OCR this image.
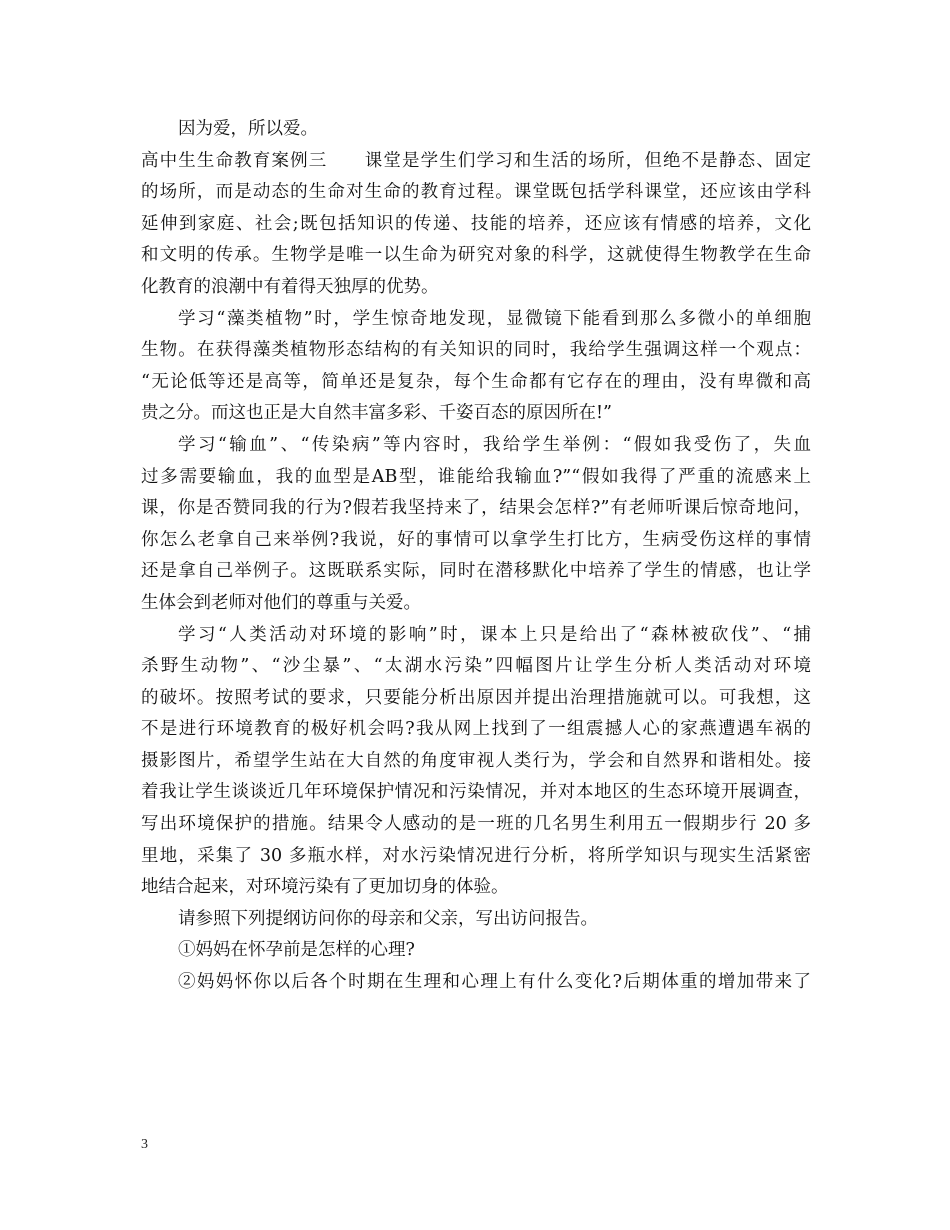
因为爱，所以爱。
高中生生命教育案例三　　课堂是学生们学习和生活的场所，但绝不是静态、固定
的场所，而是动态的生命对生命的教育过程。课堂既包括学科课堂，还应该由学科
延伸到家庭、社会;既包括知识的传递、技能的培养，还应该有情感的培养，文化
和文明的传承。生物学是唯一以生命为研究对象的科学，这就使得生物教学在生命
化教育的浪潮中有着得天独厚的优势。
学习“藻类植物”时，学生惊奇地发现，显微镜下能看到那么多微小的单细胞
生物。在获得藻类植物形态结构的有关知识的同时，我给学生强调这样一个观点：
“无论低等还是高等，简单还是复杂，每个生命都有它存在的理由，没有卑微和高
贵之分。而这也正是大自然丰富多彩、千姿百态的原因所在!”
学习“输血”、“传染病”等内容时，我给学生举例：“假如我受伤了，失血
过多需要输血，我的血型是AB型，谁能给我输血?”“假如我得了严重的流感来上
课，你是否赞同我的行为?假若我坚持来了，结果会怎样?”有老师听课后惊奇地问，
你怎么老拿自己来举例?我说，好的事情可以拿学生打比方，生病受伤这样的事情
还是拿自己举例子。这既联系实际，同时在潜移默化中培养了学生的情感，也让学
生体会到老师对他们的尊重与关爱。
学习“人类活动对环境的影响”时，课本上只是给出了“森林被砍伐”、“捕
杀野生动物”、“沙尘暴”、“太湖水污染”四幅图片让学生分析人类活动对环境
的破坏。按照考试的要求，只要能分析出原因并提出治理措施就可以。可我想，这
不是进行环境教育的极好机会吗?我从网上找到了一组震撼人心的家燕遭遇车祸的
摄影图片，希望学生站在大自然的角度审视人类行为，学会和自然界和谐相处。接
着我让学生谈谈近几年环境保护情况和污染情况，并对本地区的生态环境开展调查，
写出环境保护的措施。结果令人感动的是一班的几名男生利用五一假期步行 20 多
里地，采集了 30 多瓶水样，对水污染情况进行分析，将所学知识与现实生活紧密
地结合起来，对环境污染有了更加切身的体验。
请参照下列提纲访问你的母亲和父亲，写出访问报告。
①妈妈在怀孕前是怎样的心理?
②妈妈怀你以后各个时期在生理和心理上有什么变化?后期体重的增加带来了
3
